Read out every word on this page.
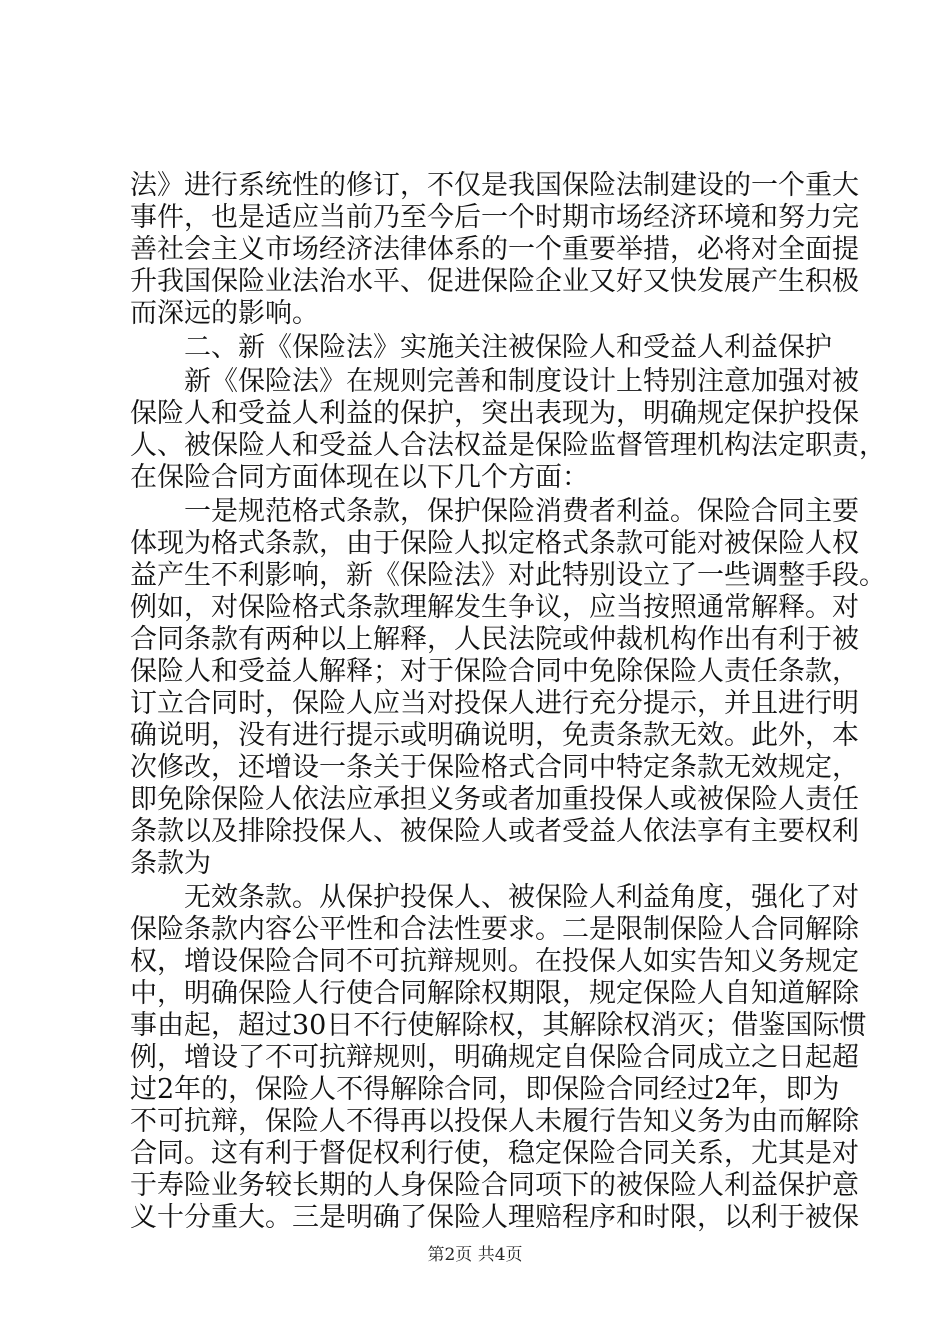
法》进行系统性的修订，不仅是我国保险法制建设的一个重大
事件，也是适应当前乃至今后一个时期市场经济环境和努力完
善社会主义市场经济法律体系的一个重要举措，必将对全面提
升我国保险业法治水平、促进保险企业又好又快发展产生积极
而深远的影响。
二、新《保险法》实施关注被保险人和受益人利益保护
新《保险法》在规则完善和制度设计上特别注意加强对被
保险人和受益人利益的保护，突出表现为，明确规定保护投保
人、被保险人和受益人合法权益是保险监督管理机构法定职责，
在保险合同方面体现在以下几个方面：
一是规范格式条款，保护保险消费者利益。保险合同主要
体现为格式条款，由于保险人拟定格式条款可能对被保险人权
益产生不利影响，新《保险法》对此特别设立了一些调整手段。
例如，对保险格式条款理解发生争议，应当按照通常解释。对
合同条款有两种以上解释，人民法院或仲裁机构作出有利于被
保险人和受益人解释；对于保险合同中免除保险人责任条款，
订立合同时，保险人应当对投保人进行充分提示，并且进行明
确说明，没有进行提示或明确说明，免责条款无效。此外，本
次修改，还增设一条关于保险格式合同中特定条款无效规定，
即免除保险人依法应承担义务或者加重投保人或被保险人责任
条款以及排除投保人、被保险人或者受益人依法享有主要权利
条款为
无效条款。从保护投保人、被保险人利益角度，强化了对
保险条款内容公平性和合法性要求。二是限制保险人合同解除
权，增设保险合同不可抗辩规则。在投保人如实告知义务规定
中，明确保险人行使合同解除权期限，规定保险人自知道解除
事由起，超过30日不行使解除权，其解除权消灭；借鉴国际惯
例，增设了不可抗辩规则，明确规定自保险合同成立之日起超
过2年的，保险人不得解除合同，即保险合同经过2年，即为
不可抗辩，保险人不得再以投保人未履行告知义务为由而解除
合同。这有利于督促权利行使，稳定保险合同关系，尤其是对
于寿险业务较长期的人身保险合同项下的被保险人利益保护意
义十分重大。三是明确了保险人理赔程序和时限，以利于被保
第2页 共4页
